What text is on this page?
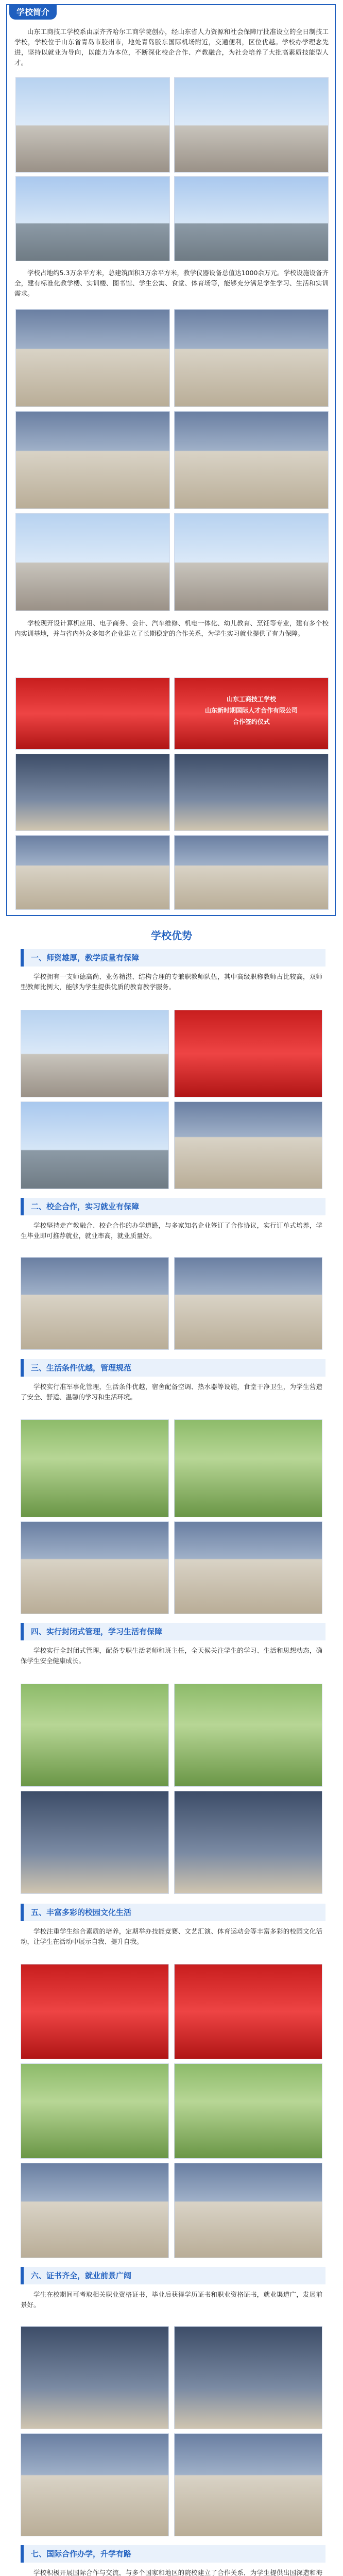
学校简介
山东工商技工学校系由原齐齐哈尔工商学院创办，经山东省人力资源和社会保障厅批准设立的全日制技工学校，学校位于山东省青岛市胶州市，地处青岛胶东国际机场附近，交通便利，区位优越。学校办学理念先进，坚持以就业为导向，以能力为本位，不断深化校企合作、产教融合，为社会培养了大批高素质技能型人才。
学校占地约5.3万余平方米，总建筑面积3万余平方米，教学仪器设备总值达1000余万元。学校设施设备齐全，建有标准化教学楼、实训楼、图书馆、学生公寓、食堂、体育场等，能够充分满足学生学习、生活和实训需求。
学校现开设计算机应用、电子商务、会计、汽车维修、机电一体化、幼儿教育、烹饪等专业，建有多个校内实训基地，并与省内外众多知名企业建立了长期稳定的合作关系，为学生实习就业提供了有力保障。
山东工商技工学校
山东新时期国际人才合作有限公司
合作签约仪式
学校优势
一、师资雄厚，教学质量有保障
学校拥有一支师德高尚、业务精湛、结构合理的专兼职教师队伍，其中高级职称教师占比较高，双师型教师比例大，能够为学生提供优质的教育教学服务。
二、校企合作，实习就业有保障
学校坚持走产教融合、校企合作的办学道路，与多家知名企业签订了合作协议，实行订单式培养，学生毕业即可推荐就业，就业率高，就业质量好。
三、生活条件优越，管理规范
学校实行准军事化管理，生活条件优越，宿舍配备空调、热水器等设施，食堂干净卫生，为学生营造了安全、舒适、温馨的学习和生活环境。
四、实行封闭式管理，学习生活有保障
学校实行全封闭式管理，配备专职生活老师和班主任，全天候关注学生的学习、生活和思想动态，确保学生安全健康成长。
五、丰富多彩的校园文化生活
学校注重学生综合素质的培养，定期举办技能竞赛、文艺汇演、体育运动会等丰富多彩的校园文化活动，让学生在活动中展示自我、提升自我。
六、证书齐全，就业前景广阔
学生在校期间可考取相关职业资格证书，毕业后获得学历证书和职业资格证书，就业渠道广，发展前景好。
七、国际合作办学，升学有路
学校积极开展国际合作与交流，与多个国家和地区的院校建立了合作关系，为学生提供出国深造和海
